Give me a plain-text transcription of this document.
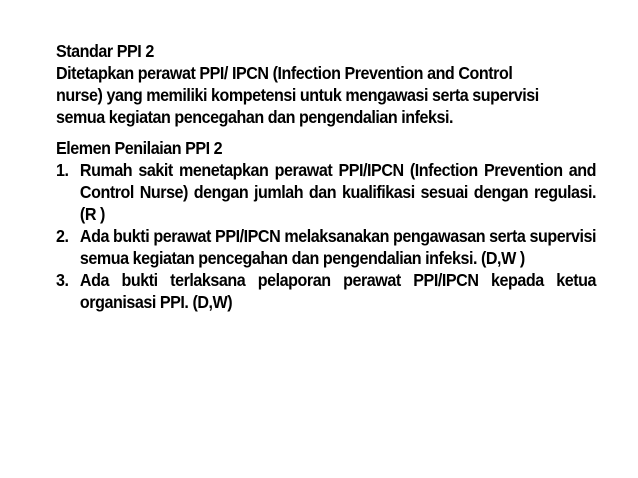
Standar PPI 2
Ditetapkan perawat PPI/ IPCN (Infection Prevention and Control nurse) yang memiliki kompetensi untuk mengawasi serta supervisi semua kegiatan pencegahan dan pengendalian infeksi.
Elemen Penilaian PPI 2
1. Rumah sakit menetapkan perawat PPI/IPCN (Infection Prevention and Control Nurse) dengan jumlah dan kualifikasi sesuai dengan regulasi. (R )
2. Ada bukti perawat PPI/IPCN melaksanakan pengawasan serta supervisi semua kegiatan pencegahan dan pengendalian infeksi. (D,W )
3. Ada bukti terlaksana pelaporan perawat PPI/IPCN kepada ketua organisasi PPI. (D,W)
